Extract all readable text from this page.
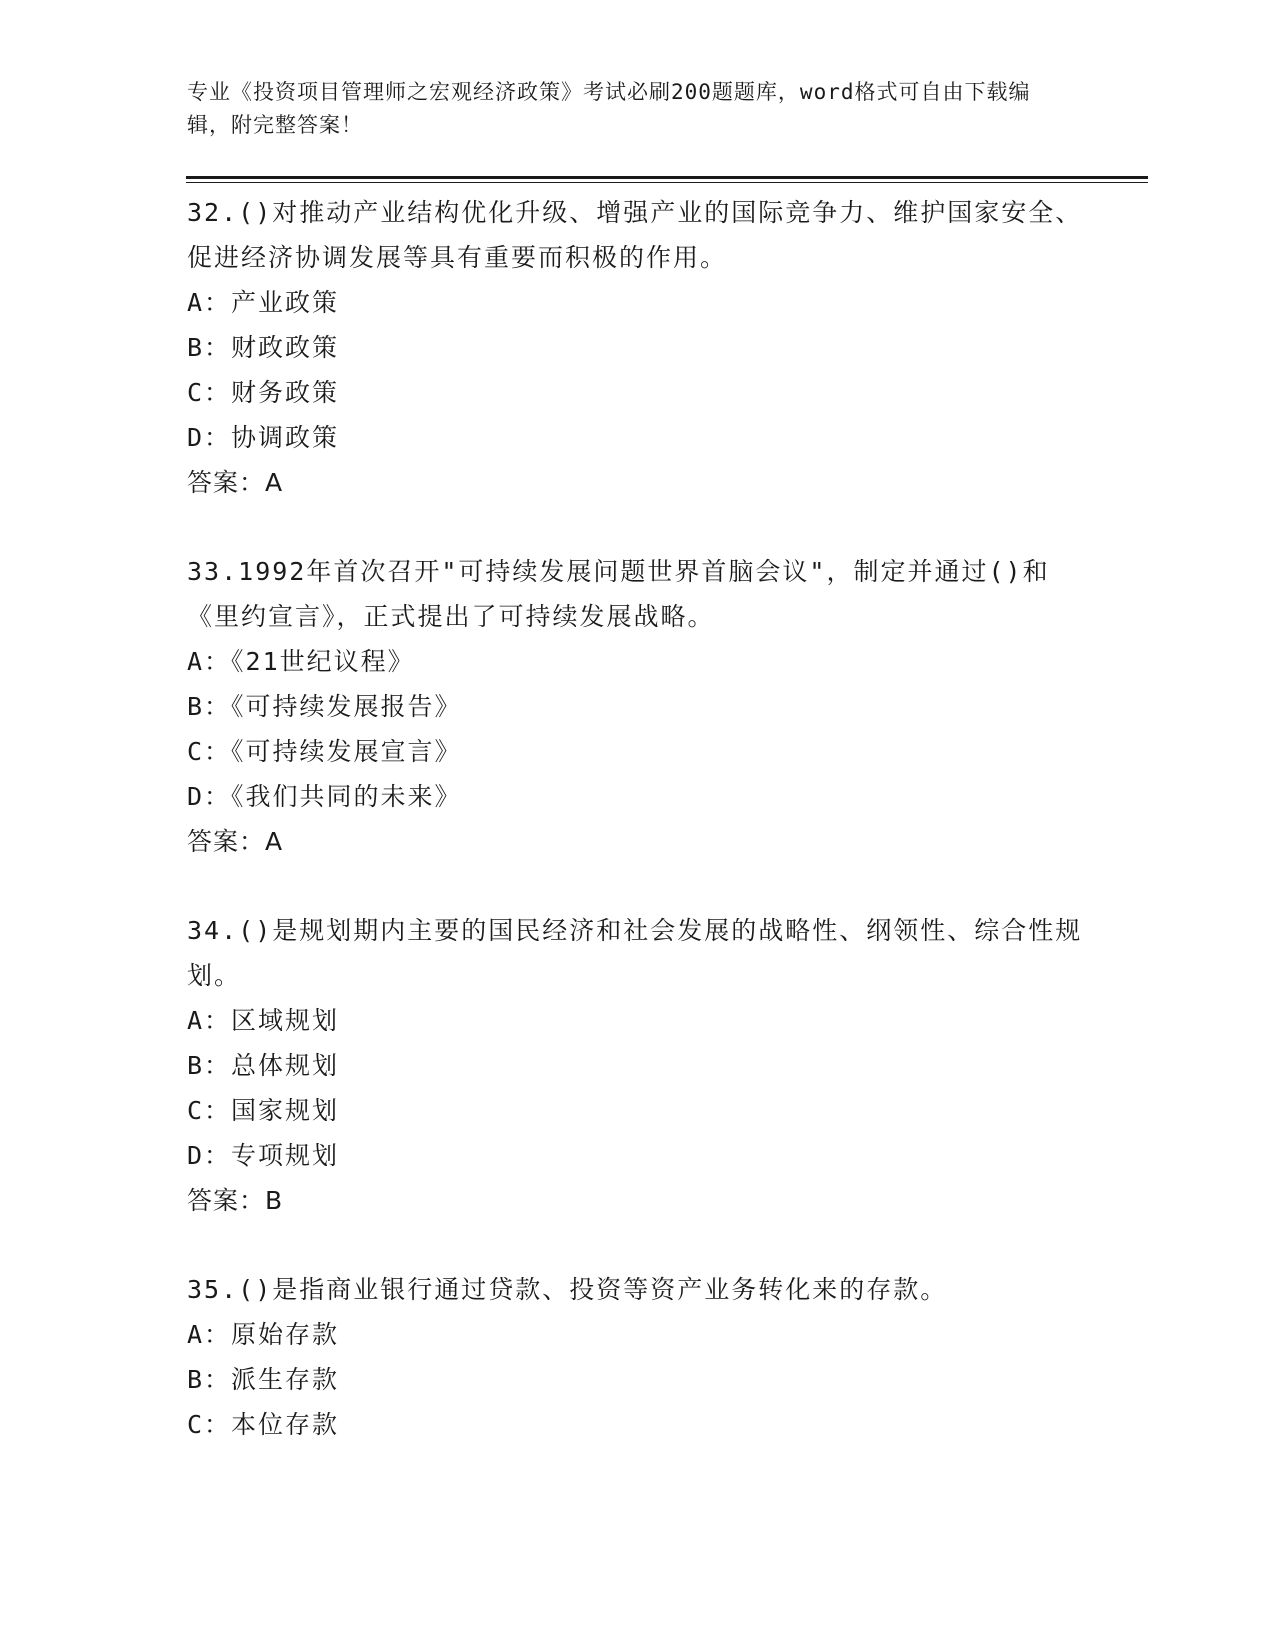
专业《投资项目管理师之宏观经济政策》考试必刷200题题库，word格式可自由下载编辑，附完整答案！
32.()对推动产业结构优化升级、增强产业的国际竞争力、维护国家安全、促进经济协调发展等具有重要而积极的作用。
A：产业政策
B：财政政策
C：财务政策
D：协调政策
答案：A
33.1992年首次召开"可持续发展问题世界首脑会议"，制定并通过()和《里约宣言》，正式提出了可持续发展战略。
A：《21世纪议程》
B：《可持续发展报告》
C：《可持续发展宣言》
D：《我们共同的未来》
答案：A
34.()是规划期内主要的国民经济和社会发展的战略性、纲领性、综合性规划。
A：区域规划
B：总体规划
C：国家规划
D：专项规划
答案：B
35.()是指商业银行通过贷款、投资等资产业务转化来的存款。
A：原始存款
B：派生存款
C：本位存款
